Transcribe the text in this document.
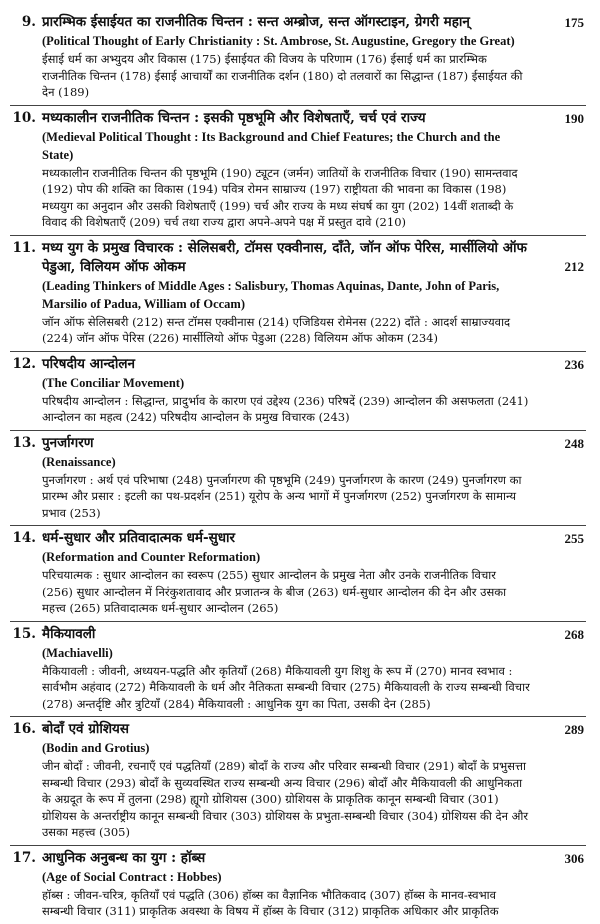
175
9. प्रारम्भिक ईसाईयत का राजनीतिक चिन्तन : सन्त अम्ब्रोज, सन्त ऑगस्टाइन, ग्रेगरी महान्
(Political Thought of Early Christianity : St. Ambrose, St. Augustine, Gregory the Great)
ईसाई धर्म का अभ्युदय और विकास (175) ईसाईयत की विजय के परिणाम (176) ईसाई धर्म का प्रारम्भिक राजनीतिक चिन्तन (178) ईसाई आचार्यों का राजनीतिक दर्शन (180) दो तलवारों का सिद्धान्त (187) ईसाईयत की देन (189)
190
10. मध्यकालीन राजनीतिक चिन्तन : इसकी पृष्ठभूमि और विशेषताएँ, चर्च एवं राज्य
(Medieval Political Thought : Its Background and Chief Features; the Church and the State)
मध्यकालीन राजनीतिक चिन्तन की पृष्ठभूमि (190) ट्यूटन (जर्मन) जातियों के राजनीतिक विचार (190) सामन्तवाद (192) पोप की शक्ति का विकास (194) पवित्र रोमन साम्राज्य (197) राष्ट्रीयता की भावना का विकास (198) मध्ययुग का अनुदान और उसकी विशेषताएँ (199) चर्च और राज्य के मध्य संघर्ष का युग (202) 14वीं शताब्दी के विवाद की विशेषताएँ (209) चर्च तथा राज्य द्वारा अपने-अपने पक्ष में प्रस्तुत दावे (210)
212
11. मध्य युग के प्रमुख विचारक : सेलिसबरी, टॉमस एक्वीनास, दाँते, जॉन ऑफ पेरिस, मार्सीलियो ऑफ पेडुआ, विलियम ऑफ ओकम
(Leading Thinkers of Middle Ages : Salisbury, Thomas Aquinas, Dante, John of Paris, Marsilio of Padua, William of Occam)
जॉन ऑफ सेलिसबरी (212) सन्त टॉमस एक्वीनास (214) एजिडियस रोमेनस (222) दाँते : आदर्श साम्राज्यवाद (224) जॉन ऑफ पेरिस (226) मार्सीलियो ऑफ पेडुआ (228) विलियम ऑफ ओकम (234)
236
12. परिषदीय आन्दोलन
(The Conciliar Movement)
परिषदीय आन्दोलन : सिद्धान्त, प्रादुर्भाव के कारण एवं उद्देश्य (236) परिषदें (239) आन्दोलन की असफलता (241) आन्दोलन का महत्व (242) परिषदीय आन्दोलन के प्रमुख विचारक (243)
248
13. पुनर्जागरण
(Renaissance)
पुनर्जागरण : अर्थ एवं परिभाषा (248) पुनर्जागरण की पृष्ठभूमि (249) पुनर्जागरण के कारण (249) पुनर्जागरण का प्रारम्भ और प्रसार : इटली का पथ-प्रदर्शन (251) यूरोप के अन्य भागों में पुनर्जागरण (252) पुनर्जागरण के सामान्य प्रभाव (253)
255
14. धर्म-सुधार और प्रतिवादात्मक धर्म-सुधार
(Reformation and Counter Reformation)
परिचयात्मक : सुधार आन्दोलन का स्वरूप (255) सुधार आन्दोलन के प्रमुख नेता और उनके राजनीतिक विचार (256) सुधार आन्दोलन में निरंकुशतावाद और प्रजातन्त्र के बीज (263) धर्म-सुधार आन्दोलन की देन और उसका महत्त्व (265) प्रतिवादात्मक धर्म-सुधार आन्दोलन (265)
268
15. मैकियावली
(Machiavelli)
मैकियावली : जीवनी, अध्ययन-पद्धति और कृतियाँ (268) मैकियावली युग शिशु के रूप में (270) मानव स्वभाव : सार्वभौम अहंवाद (272) मैकियावली के धर्म और नैतिकता सम्बन्धी विचार (275) मैकियावली के राज्य सम्बन्धी विचार (278) अन्तर्दृष्टि और त्रुटियाँ (284) मैकियावली : आधुनिक युग का पिता, उसकी देन (285)
289
16. बोदाँ एवं ग्रोशियस
(Bodin and Grotius)
जीन बोदाँ : जीवनी, रचनाएँ एवं पद्धतियाँ (289) बोदाँ के राज्य और परिवार सम्बन्धी विचार (291) बोदाँ के प्रभुसत्ता सम्बन्धी विचार (293) बोदाँ के सुव्यवस्थित राज्य सम्बन्धी अन्य विचार (296) बोदाँ और मैकियावली की आधुनिकता के अग्रदूत के रूप में तुलना (298) ह्यूगो ग्रोशियस (300) ग्रोशियस के प्राकृतिक कानून सम्बन्धी विचार (301) ग्रोशियस के अन्तर्राष्ट्रीय कानून सम्बन्धी विचार (303) ग्रोशियस के प्रभुता-सम्बन्धी विचार (304) ग्रोशियस की देन और उसका महत्त्व (305)
306
17. आधुनिक अनुबन्ध का युग : हॉब्स
(Age of Social Contract : Hobbes)
हॉब्स : जीवन-चरित्र, कृतियाँ एवं पद्धति (306) हॉब्स का वैज्ञानिक भौतिकवाद (307) हॉब्स के मानव-स्वभाव सम्बन्धी विचार (311) प्राकृतिक अवस्था के विषय में हॉब्स के विचार (312) प्राकृतिक अधिकार और प्राकृतिक
